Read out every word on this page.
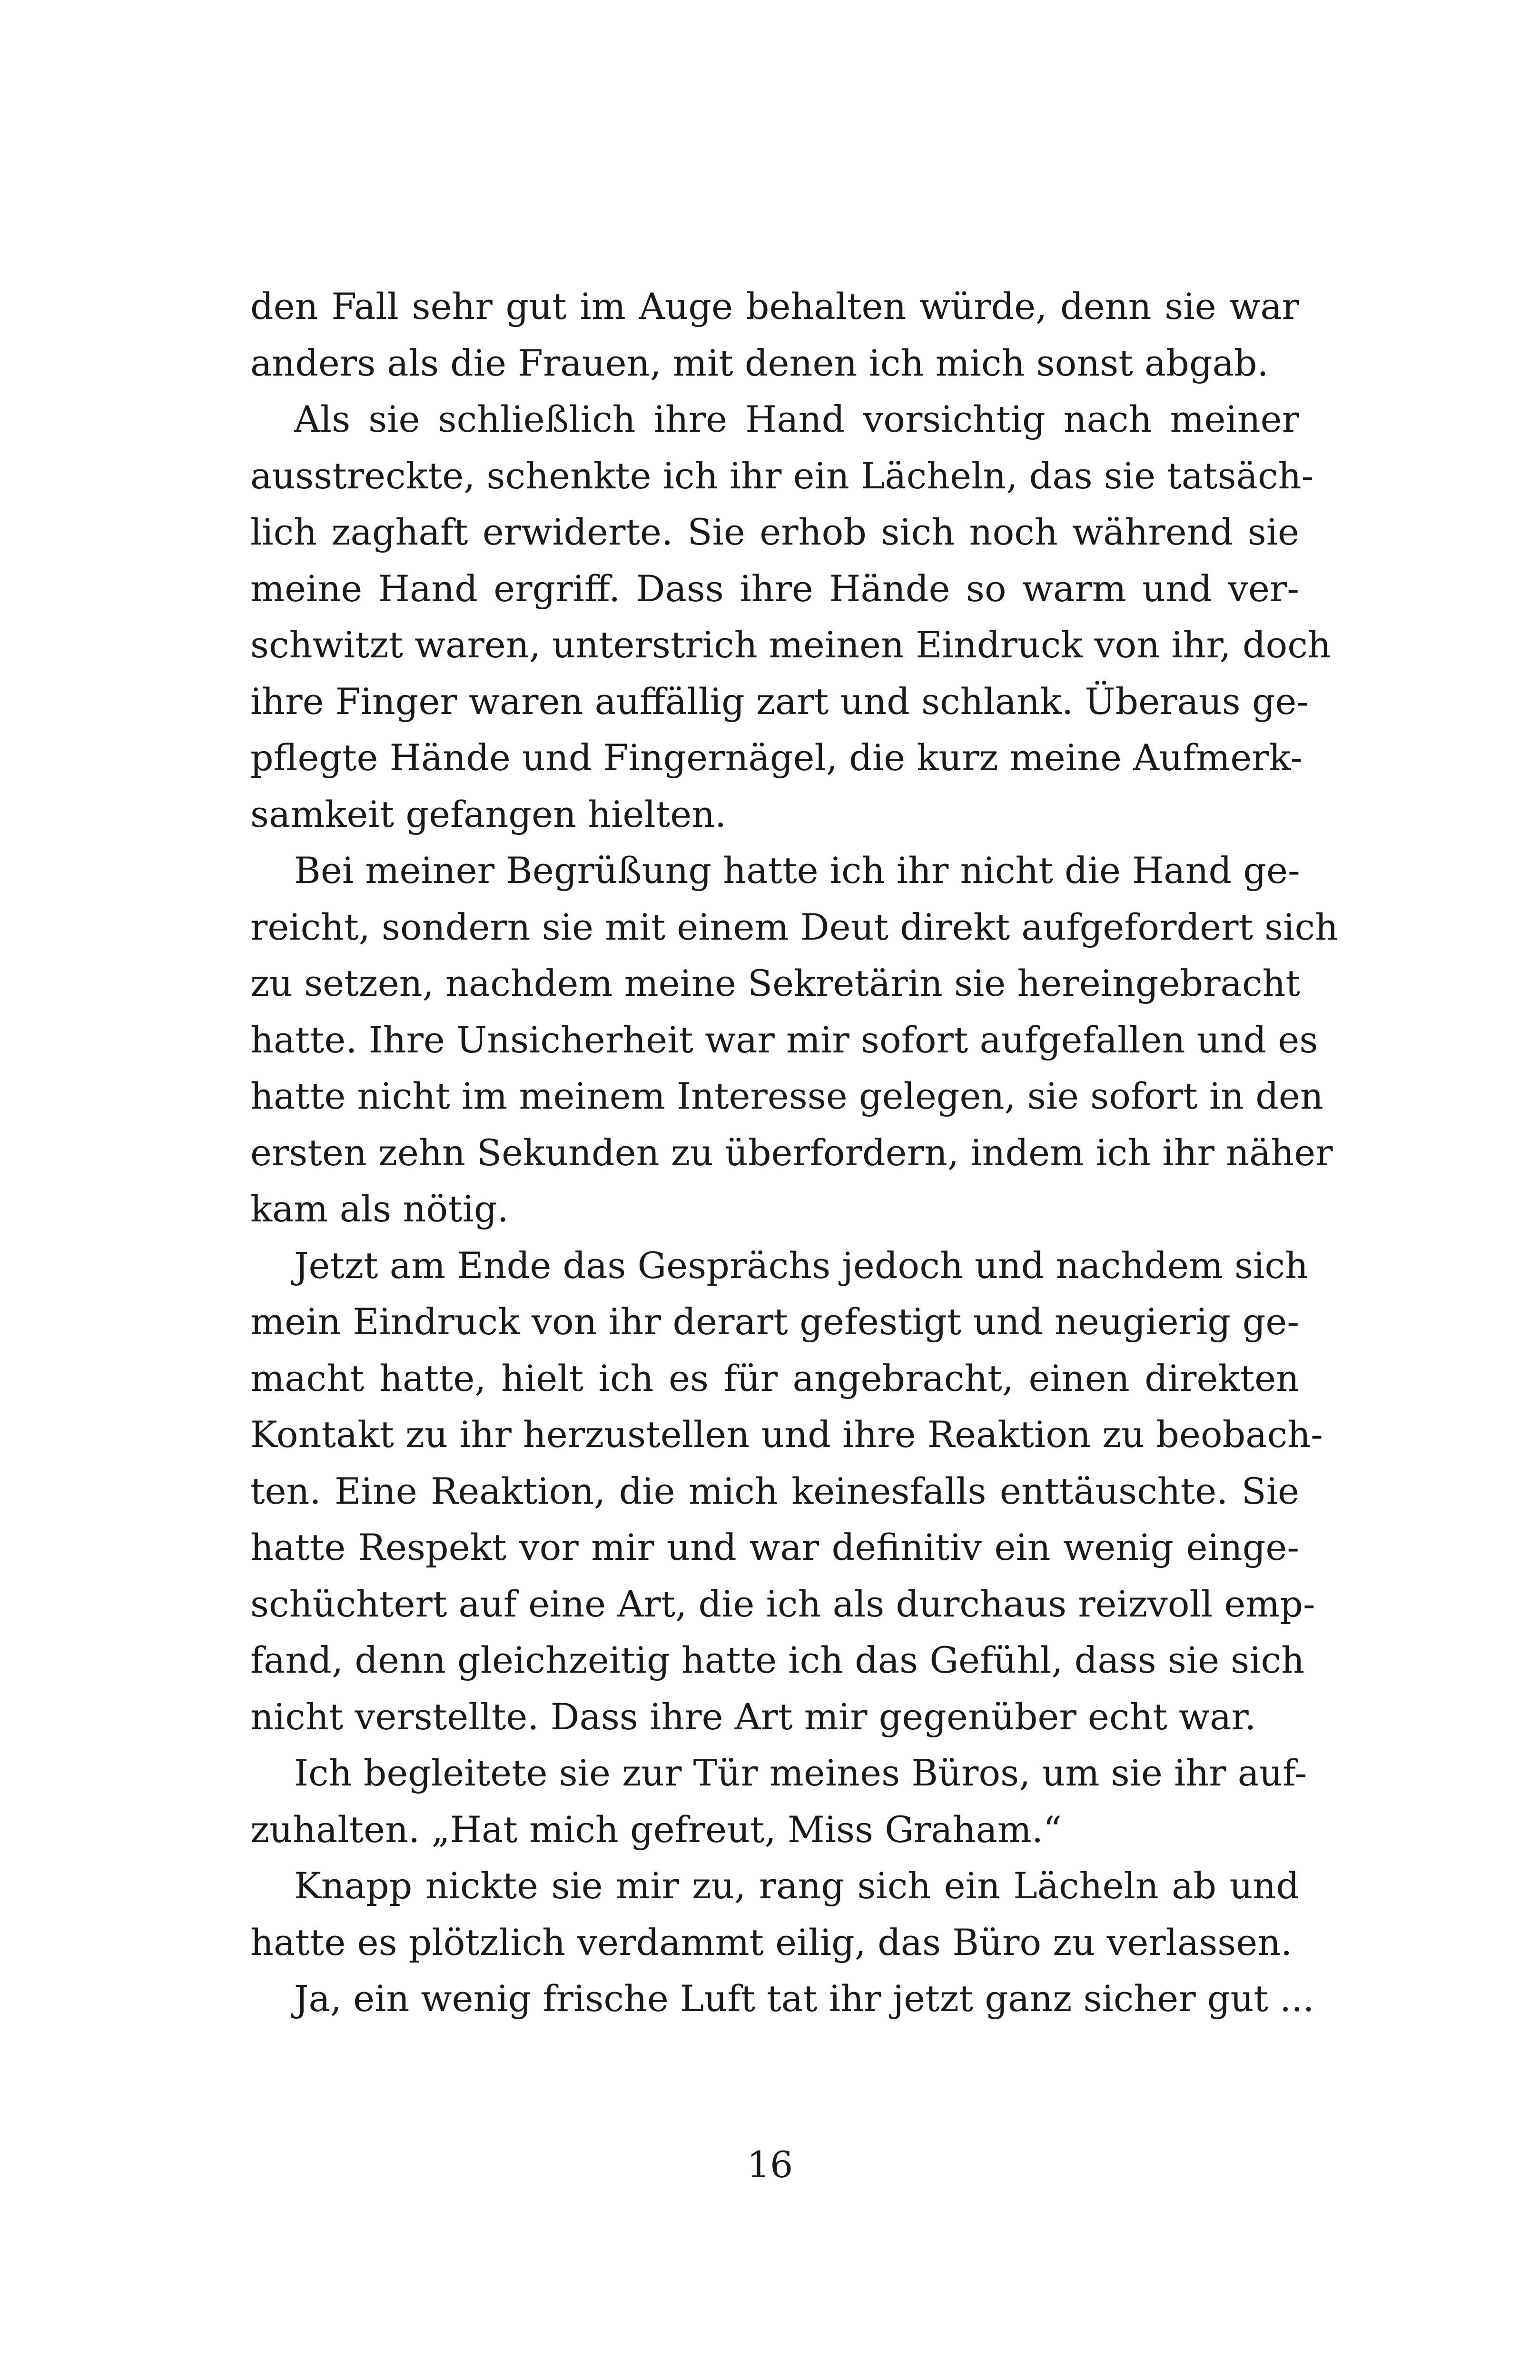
den Fall sehr gut im Auge behalten würde, denn sie war
anders als die Frauen, mit denen ich mich sonst abgab.
Als sie schließlich ihre Hand vorsichtig nach meiner
ausstreckte, schenkte ich ihr ein Lächeln, das sie tatsäch-
lich zaghaft erwiderte. Sie erhob sich noch während sie
meine Hand ergriff. Dass ihre Hände so warm und ver-
schwitzt waren, unterstrich meinen Eindruck von ihr, doch
ihre Finger waren auffällig zart und schlank. Überaus ge-
pflegte Hände und Fingernägel, die kurz meine Aufmerk-
samkeit gefangen hielten.
Bei meiner Begrüßung hatte ich ihr nicht die Hand ge-
reicht, sondern sie mit einem Deut direkt aufgefordert sich
zu setzen, nachdem meine Sekretärin sie hereingebracht
hatte. Ihre Unsicherheit war mir sofort aufgefallen und es
hatte nicht im meinem Interesse gelegen, sie sofort in den
ersten zehn Sekunden zu überfordern, indem ich ihr näher
kam als nötig.
Jetzt am Ende das Gesprächs jedoch und nachdem sich
mein Eindruck von ihr derart gefestigt und neugierig ge-
macht hatte, hielt ich es für angebracht, einen direkten
Kontakt zu ihr herzustellen und ihre Reaktion zu beobach-
ten. Eine Reaktion, die mich keinesfalls enttäuschte. Sie
hatte Respekt vor mir und war definitiv ein wenig einge-
schüchtert auf eine Art, die ich als durchaus reizvoll emp-
fand, denn gleichzeitig hatte ich das Gefühl, dass sie sich
nicht verstellte. Dass ihre Art mir gegenüber echt war.
Ich begleitete sie zur Tür meines Büros, um sie ihr auf-
zuhalten. „Hat mich gefreut, Miss Graham.“
Knapp nickte sie mir zu, rang sich ein Lächeln ab und
hatte es plötzlich verdammt eilig, das Büro zu verlassen.
Ja, ein wenig frische Luft tat ihr jetzt ganz sicher gut ...
16
